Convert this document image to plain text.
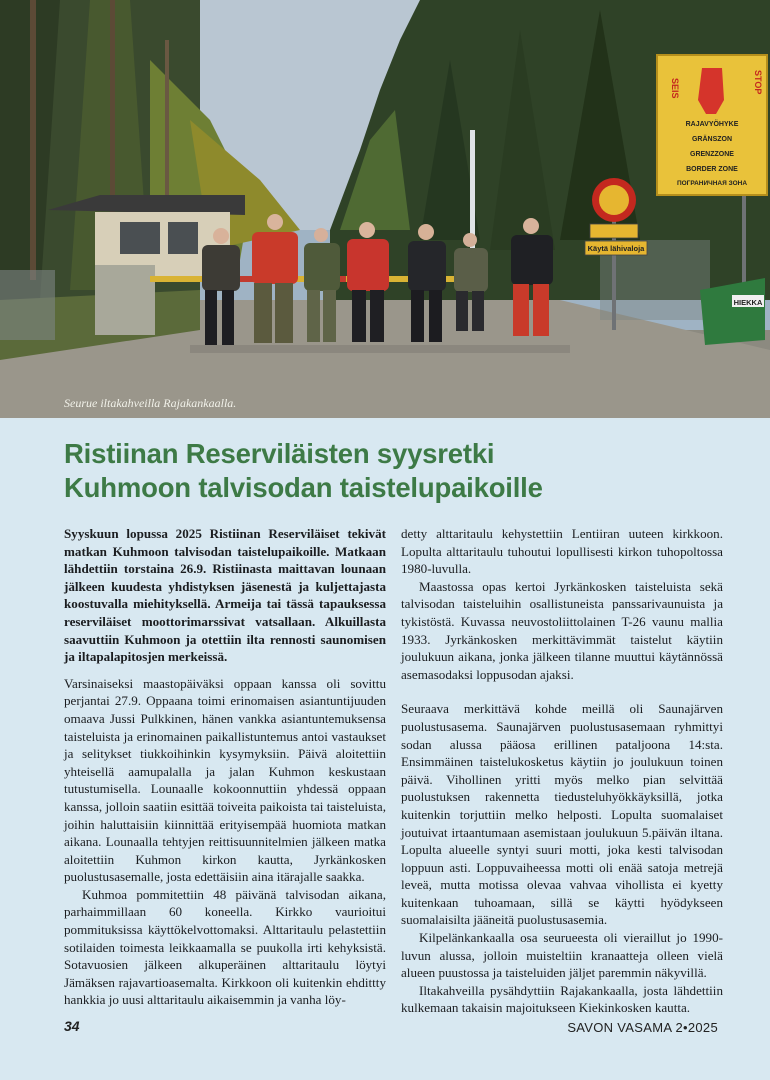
SEIS	STOP
RAJAVYÖHYKE
GRÄNSZON
GRENZZONE
BORDER ZONE
ПОГРАНИЧНАЯ ЗОНА
Käytä lähivaloja
HIEKKA
Seurue iltakahveilla Rajakankaalla.
Ristiinan Reserviläisten syysretki
Kuhmoon talvisodan taistelupaikoille

Syyskuun lopussa 2025 Ristiinan Reserviläiset tekivät matkan Kuhmoon talvisodan taistelupaikoille. Matkaan lähdettiin torstaina 26.9. Ristiinasta maittavan lounaan jälkeen kuudesta yhdistyksen jäsenestä ja kuljettajasta koostuvalla miehityksellä. Armeija tai tässä tapauksessa reserviläiset moottorimarssivat vatsallaan. Alkuillasta saavuttiin Kuhmoon ja otettiin ilta rennosti saunomisen ja iltapalapitosjen merkeissä.

Varsinaiseksi maastopäiväksi oppaan kanssa oli sovittu perjantai 27.9. Oppaana toimi erinomaisen asiantuntijuuden omaava Jussi Pulkkinen, hänen vankka asiantuntemuksensa taisteluista ja erinomainen paikallistuntemus antoi vastaukset ja selitykset tiukkoihinkin kysymyksiin. Päivä aloitettiin yhteisellä aamupalalla ja jalan Kuhmon keskustaan tutustumisella. Lounaalle kokoonnuttiin yhdessä oppaan kanssa, jolloin saatiin esittää toiveita paikoista tai taisteluista, joihin haluttaisiin kiinnittää erityisempää huomiota matkan aikana. Lounaalla tehtyjen reittisuunnitelmien jälkeen matka aloitettiin Kuhmon kirkon kautta, Jyrkänkosken puolustusasemalle, josta edettäisiin aina itärajalle saakka.

Kuhmoa pommitettiin 48 päivänä talvisodan aikana, parhaimmillaan 60 koneella. Kirkko vaurioitui pommituksissa käyttökelvottomaksi. Alttaritaulu pelastettiin sotilaiden toimesta leikkaamalla se puukolla irti kehyksistä. Sotavuosien jälkeen alkuperäinen alttaritaulu löytyi Jämäksen rajavartioasemalta. Kirkkoon oli kuitenkin ehdittty hankkia jo uusi alttaritaulu aikaisemmin ja vanha löy-

detty alttaritaulu kehystettiin Lentiiran uuteen kirkkoon. Lopulta alttaritaulu tuhoutui lopullisesti kirkon tuhopoltossa 1980-luvulla.

Maastossa opas kertoi Jyrkänkosken taisteluista sekä talvisodan taisteluihin osallistuneista panssarivaunuista ja tykistöstä. Kuvassa neuvostoliittolainen T-26 vaunu mallia 1933. Jyrkänkosken merkittävimmät taistelut käytiin joulukuun aikana, jonka jälkeen tilanne muuttui käytännössä asemasodaksi loppusodan ajaksi.

Seuraava merkittävä kohde meillä oli Saunajärven puolustusasema. Saunajärven puolustusasemaan ryhmittyi sodan alussa pääosa erillinen pataljoona 14:sta. Ensimmäinen taistelukosketus käytiin jo joulukuun toinen päivä. Vihollinen yritti myös melko pian selvittää puolustuksen rakennetta tiedusteluhyökkäyksillä, jotka kuitenkin torjuttiin melko helposti. Lopulta suomalaiset joutuivat irtaantumaan asemistaan joulukuun 5.päivän iltana. Lopulta alueelle syntyi suuri motti, joka kesti talvisodan loppuun asti. Loppuvaiheessa motti oli enää satoja metrejä leveä, mutta motissa olevaa vahvaa vihollista ei kyetty kuitenkaan tuhoamaan, sillä se käytti hyödykseen suomalaisilta jääneitä puolustusasemia.

Kilpelänkankaalla osa seurueesta oli vieraillut jo 1990-luvun alussa, jolloin muisteltiin kranaatteja olleen vielä alueen puustossa ja taisteluiden jäljet paremmin näkyvillä.

Iltakahveilla pysähdyttiin Rajakankaalla, josta lähdettiin kulkemaan takaisin majoitukseen Kiekinkosken kautta.

34	SAVON VASAMA 2•2025
